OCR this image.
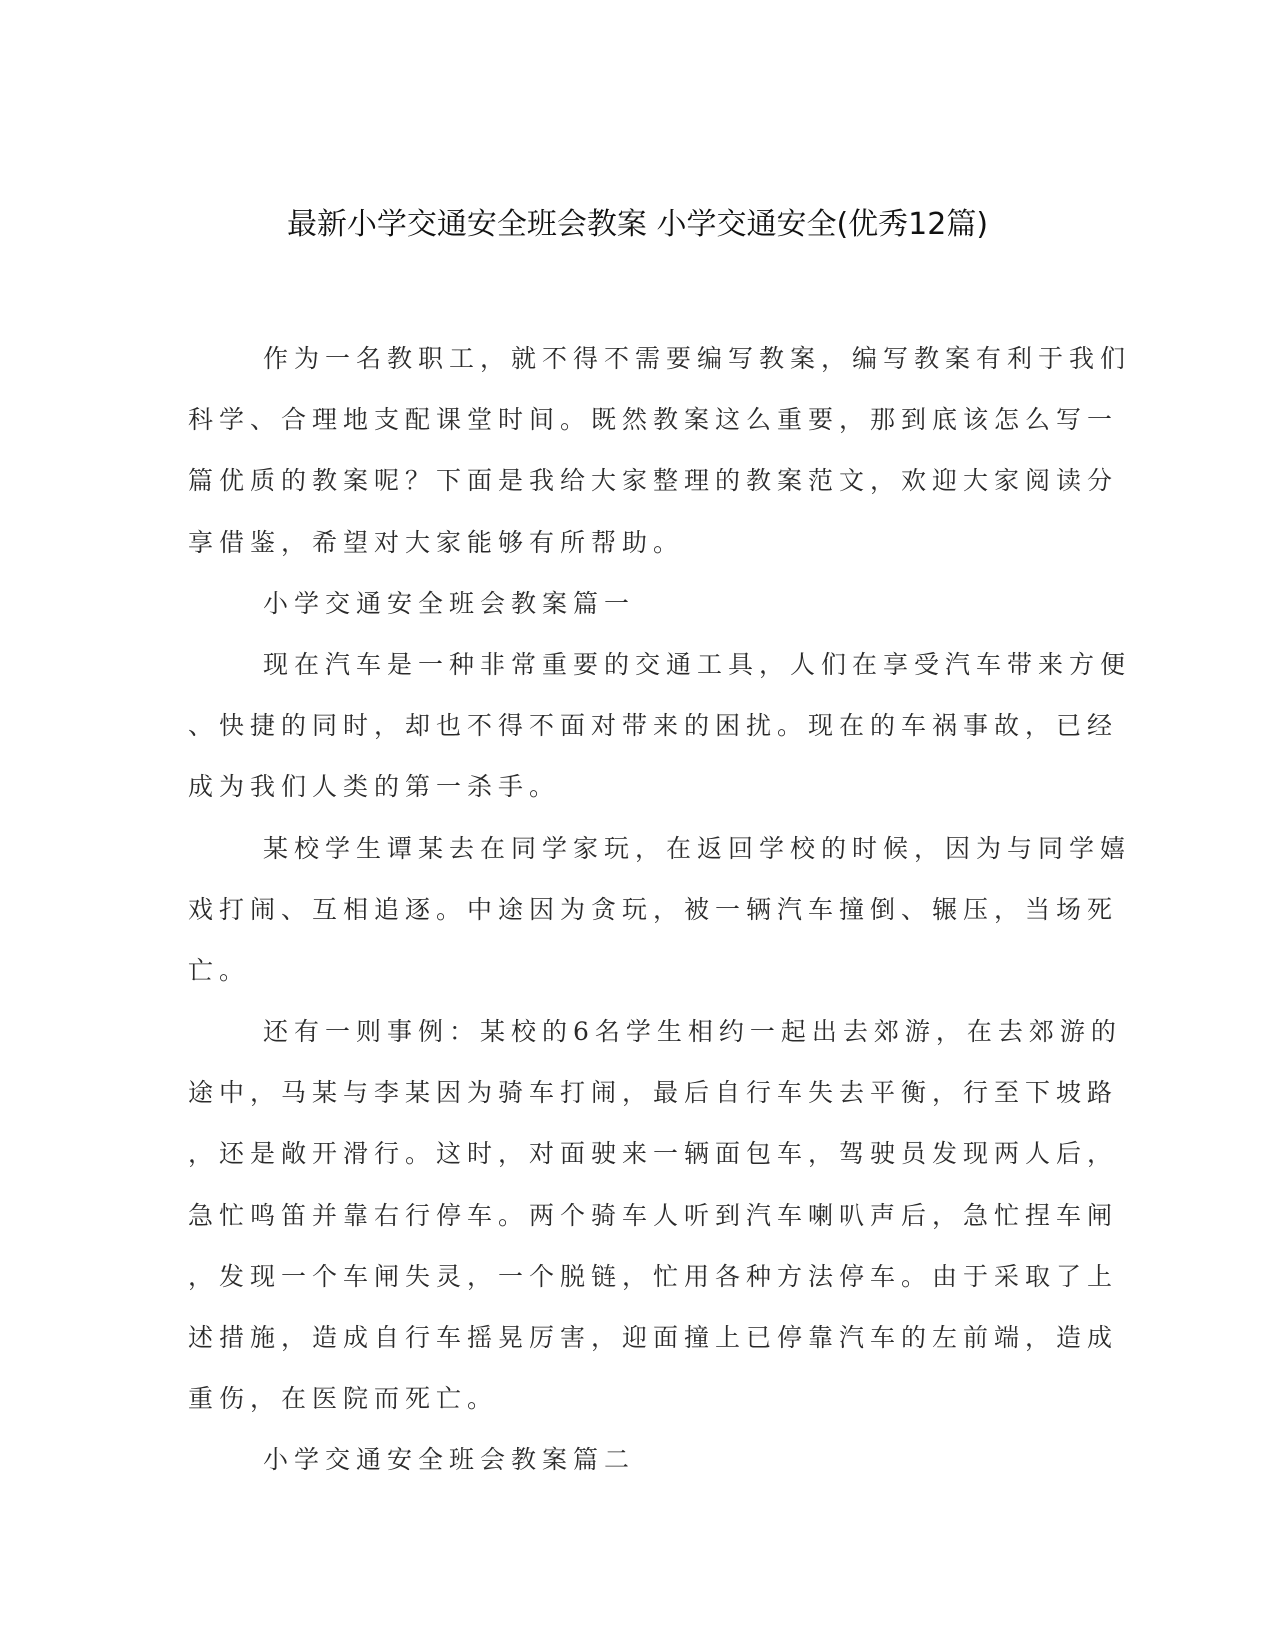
最新小学交通安全班会教案 小学交通安全(优秀12篇)
作为一名教职工，就不得不需要编写教案，编写教案有利于我们
科学、合理地支配课堂时间。既然教案这么重要，那到底该怎么写一
篇优质的教案呢？下面是我给大家整理的教案范文，欢迎大家阅读分
享借鉴，希望对大家能够有所帮助。
小学交通安全班会教案篇一
现在汽车是一种非常重要的交通工具，人们在享受汽车带来方便
、快捷的同时，却也不得不面对带来的困扰。现在的车祸事故，已经
成为我们人类的第一杀手。
某校学生谭某去在同学家玩，在返回学校的时候，因为与同学嬉
戏打闹、互相追逐。中途因为贪玩，被一辆汽车撞倒、辗压，当场死
亡。
还有一则事例：某校的6名学生相约一起出去郊游，在去郊游的
途中，马某与李某因为骑车打闹，最后自行车失去平衡，行至下坡路
，还是敞开滑行。这时，对面驶来一辆面包车，驾驶员发现两人后，
急忙鸣笛并靠右行停车。两个骑车人听到汽车喇叭声后，急忙捏车闸
，发现一个车闸失灵，一个脱链，忙用各种方法停车。由于采取了上
述措施，造成自行车摇晃厉害，迎面撞上已停靠汽车的左前端，造成
重伤，在医院而死亡。
小学交通安全班会教案篇二
